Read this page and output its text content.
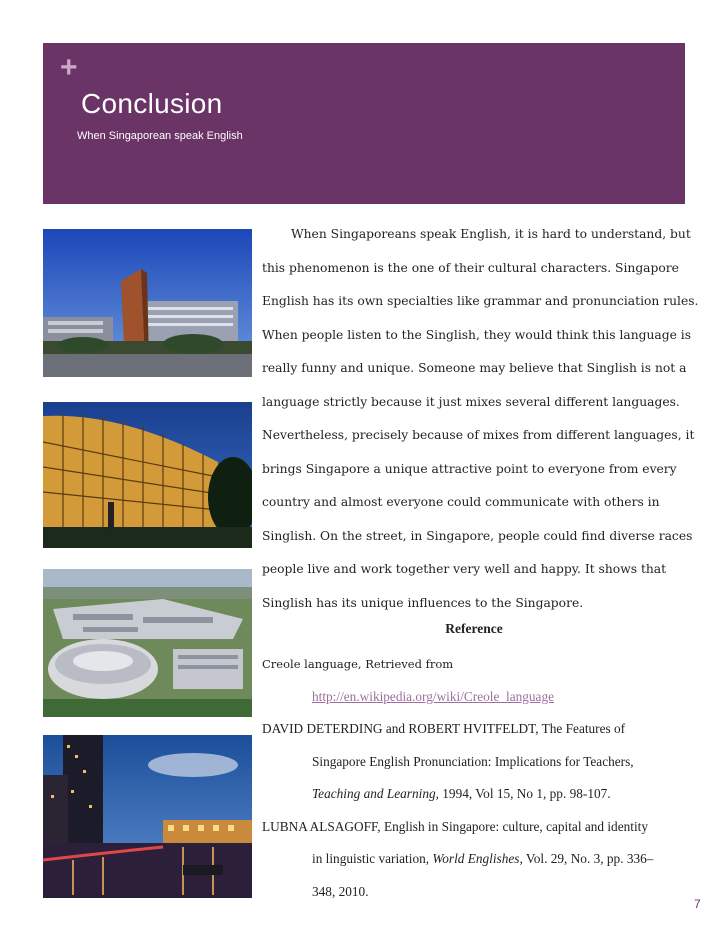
+
Conclusion
When Singaporean speak English
When Singaporeans speak English, it is hard to understand, but
this phenomenon is the one of their cultural characters. Singapore
English has its own specialties like grammar and pronunciation rules.
When people listen to the Singlish, they would think this language is
really funny and unique. Someone may believe that Singlish is not a
language strictly because it just mixes several different languages.
Nevertheless, precisely because of mixes from different languages, it
brings Singapore a unique attractive point to everyone from every
country and almost everyone could communicate with others in
Singlish. On the street, in Singapore, people could find diverse races
people live and work together very well and happy. It shows that
Singlish has its unique influences to the Singapore.
Reference
Creole language, Retrieved from
http://en.wikipedia.org/wiki/Creole_language
DAVID DETERDING and ROBERT HVITFELDT, The Features of
Singapore English Pronunciation: Implications for Teachers,
Teaching and Learning, 1994, Vol 15, No 1, pp. 98-107.
LUBNA ALSAGOFF, English in Singapore: culture, capital and identity
in linguistic variation, World Englishes, Vol. 29, No. 3, pp. 336–
348, 2010.
7
